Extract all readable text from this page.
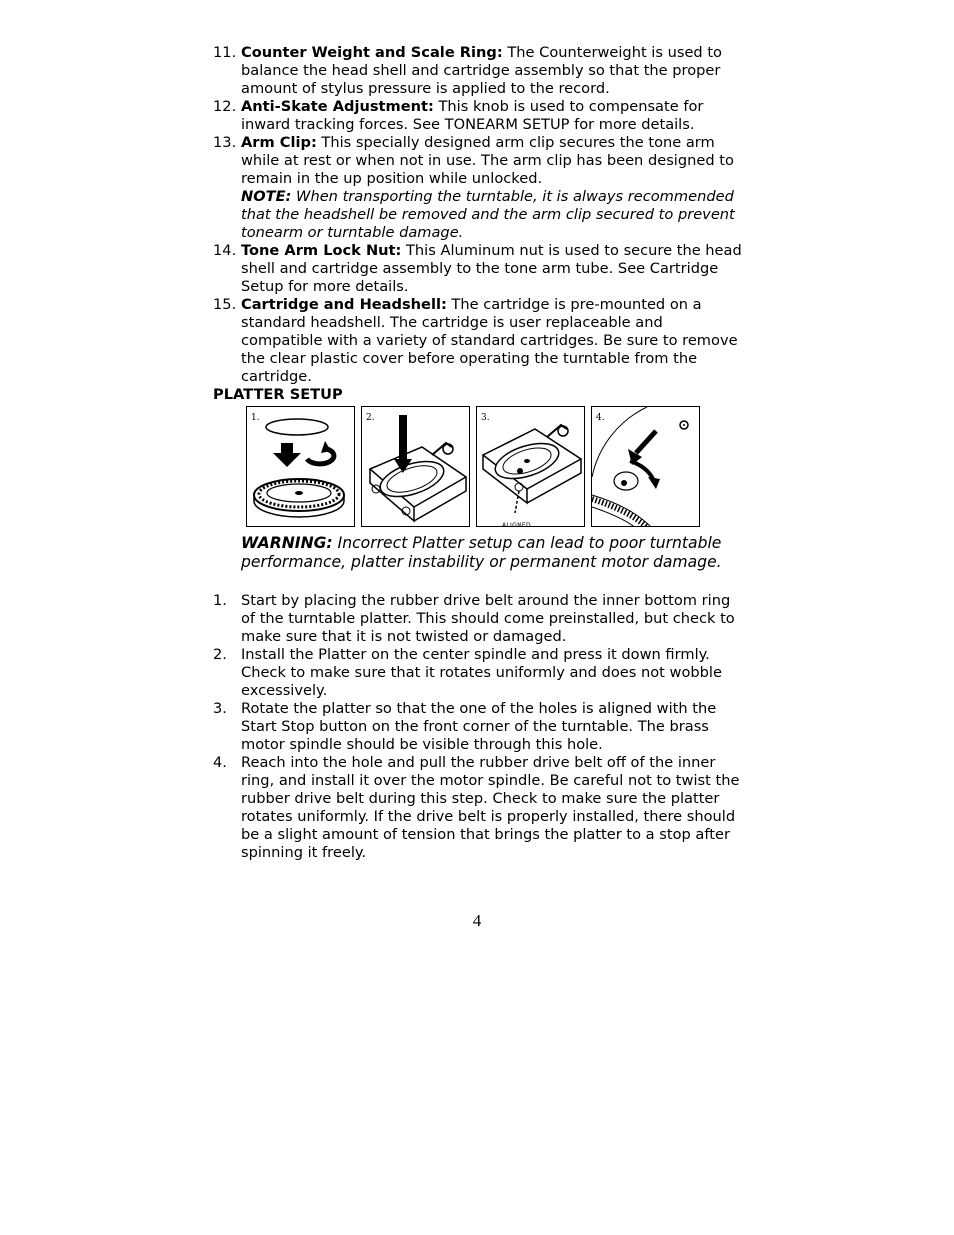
11. Counter Weight and Scale Ring: The Counterweight is used to balance the head shell and cartridge assembly so that the proper amount of stylus pressure is applied to the record.
12. Anti-Skate Adjustment: This knob is used to compensate for inward tracking forces. See TONEARM SETUP for more details.
13. Arm Clip: This specially designed arm clip secures the tone arm while at rest or when not in use. The arm clip has been designed to remain in the up position while unlocked.
NOTE: When transporting the turntable, it is always recommended that the headshell be removed and the arm clip secured to prevent tonearm or turntable damage.
14. Tone Arm Lock Nut: This Aluminum nut is used to secure the head shell and cartridge assembly to the tone arm tube. See Cartridge Setup for more details.
15. Cartridge and Headshell: The cartridge is pre-mounted on a standard headshell. The cartridge is user replaceable and compatible with a variety of standard cartridges. Be sure to remove the clear plastic cover before operating the turntable from the cartridge.

PLATTER SETUP

1.	2.	3.
ALIGNED
4.
WARNING: Incorrect Platter setup can lead to poor turntable performance, platter instability or permanent motor damage.
1. Start by placing the rubber drive belt around the inner bottom ring of the turntable platter. This should come preinstalled, but check to make sure that it is not twisted or damaged.
2. Install the Platter on the center spindle and press it down firmly. Check to make sure that it rotates uniformly and does not wobble excessively.
3. Rotate the platter so that the one of the holes is aligned with the Start Stop button on the front corner of the turntable. The brass motor spindle should be visible through this hole.
4. Reach into the hole and pull the rubber drive belt off of the inner ring, and install it over the motor spindle. Be careful not to twist the rubber drive belt during this step. Check to make sure the platter rotates uniformly. If the drive belt is properly installed, there should be a slight amount of tension that brings the platter to a stop after spinning it freely.
4
